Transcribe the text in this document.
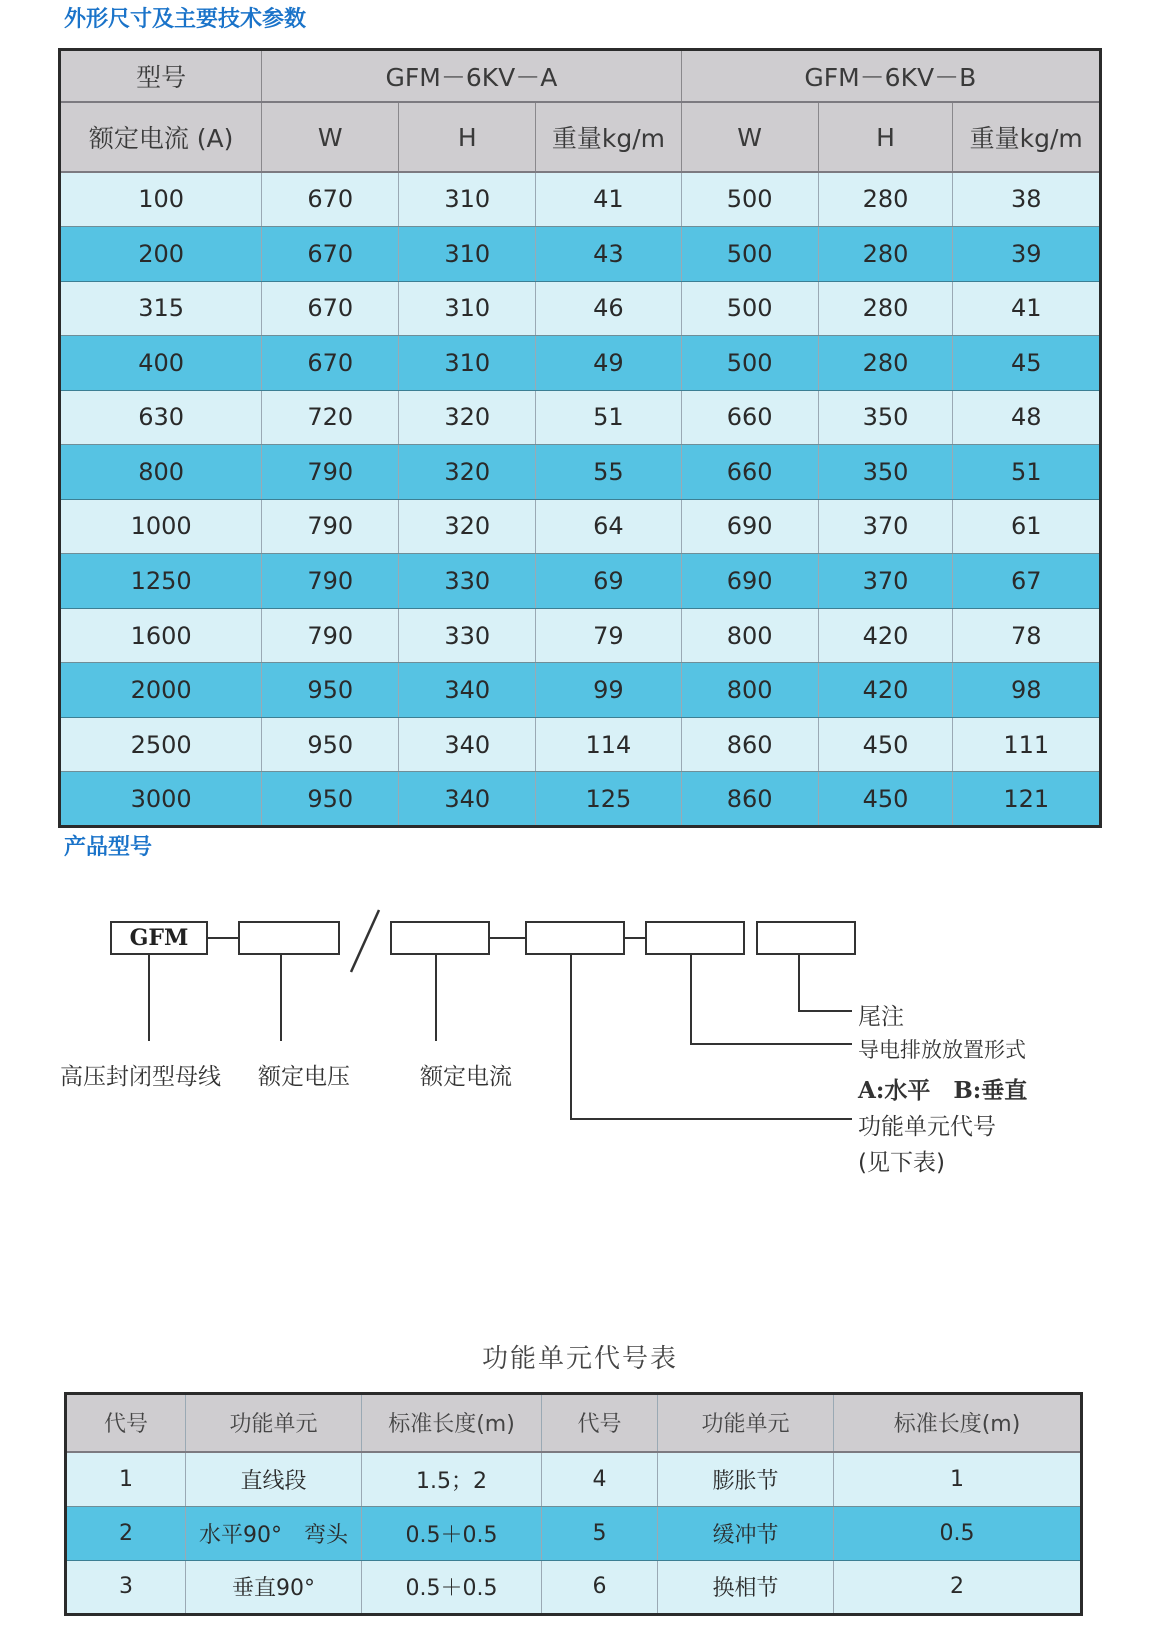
外形尺寸及主要技术参数
型号	GFM－6KV－A			GFM－6KV－B		
额定电流 (A)	W	H	重量kg/m	W	H	重量kg/m
100	670	310	41	500	280	38
200	670	310	43	500	280	39
315	670	310	46	500	280	41
400	670	310	49	500	280	45
630	720	320	51	660	350	48
800	790	320	55	660	350	51
1000	790	320	64	690	370	61
1250	790	330	69	690	370	67
1600	790	330	79	800	420	78
2000	950	340	99	800	420	98
2500	950	340	114	860	450	111
3000	950	340	125	860	450	121
产品型号
GFM
高压封闭型母线 额定电压	额定电流
尾注
导电排放放置形式
A:水平　B:垂直
功能单元代号
(见下表)
功能单元代号表
代号	功能单元	标准长度(m)	代号	功能单元	标准长度(m)
1	直线段	1.5；2	4	膨胀节	1
2	水平90°　弯头	0.5＋0.5	5	缓冲节	0.5
3	垂直90°	0.5＋0.5	6	换相节	2
